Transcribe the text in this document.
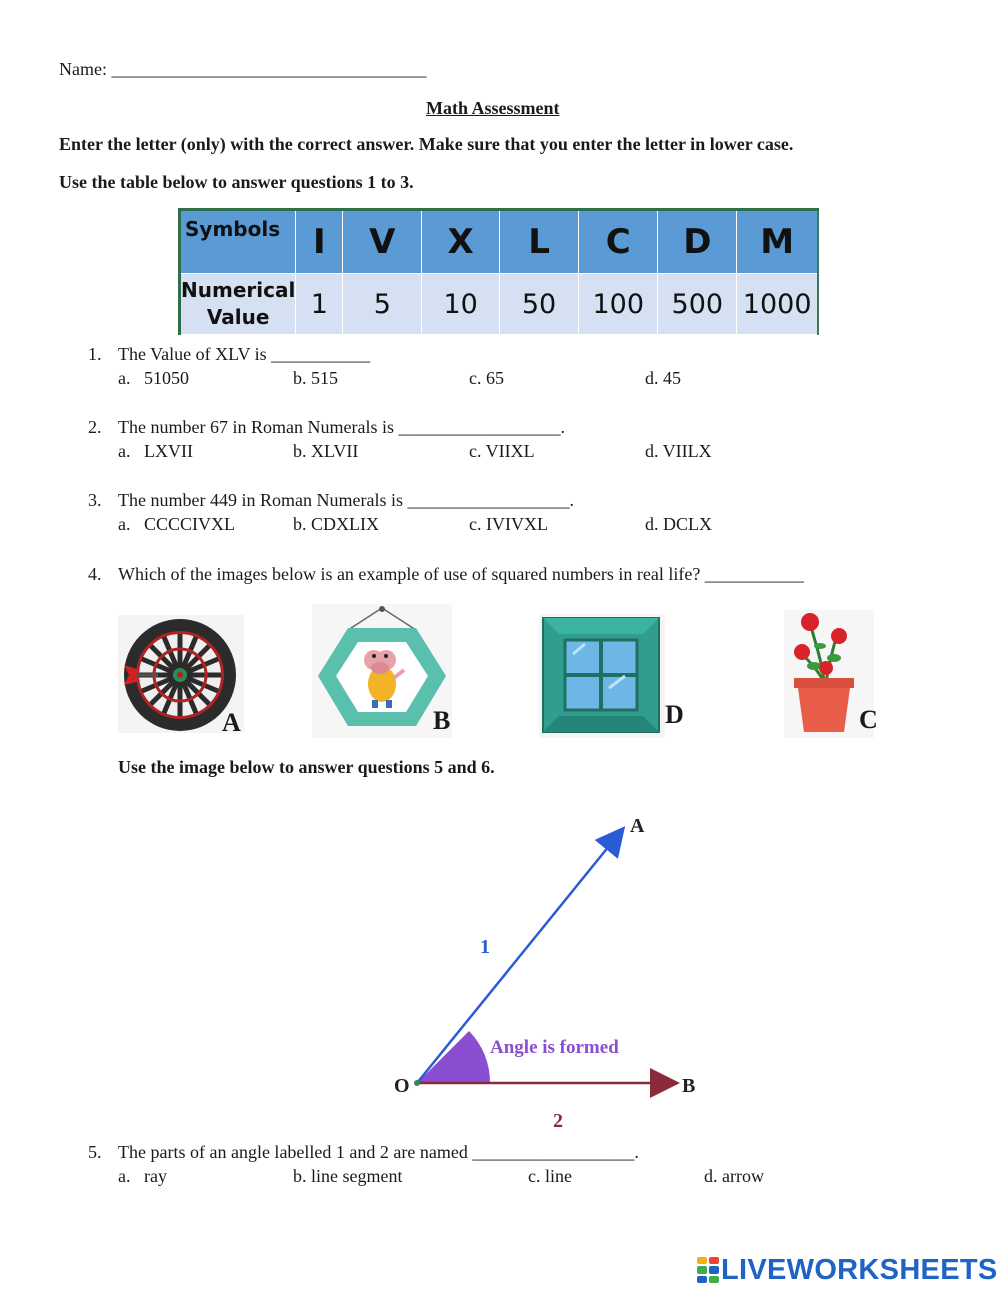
Name: ___________________________________
Math Assessment
Enter the letter (only) with the correct answer. Make sure that you enter the letter in lower case.
Use the table below to answer questions 1 to 3.
Symbols	I	V	X	L	C	D	M
Numerical
Value	1	5	10	50	100	500	1000
1. The Value of XLV is ___________
a.   51050	b. 515	c. 65	d. 45
2. The number 67 in Roman Numerals is __________________.
a.   LXVII	b. XLVII	c. VIIXL	d. VIILX
3. The number 449 in Roman Numerals is __________________.
a.   CCCCIVXL	b. CDXLIX	c. IVIVXL	d. DCLX
4. Which of the images below is an example of use of squared numbers in real life? ___________
A	B	D	C
Use the image below to answer questions 5 and 6.
A
O	B
1
2
Angle is formed
5. The parts of an angle labelled 1 and 2 are named __________________.
a.   ray	b. line segment	c. line	d. arrow
LIVEWORKSHEETS
